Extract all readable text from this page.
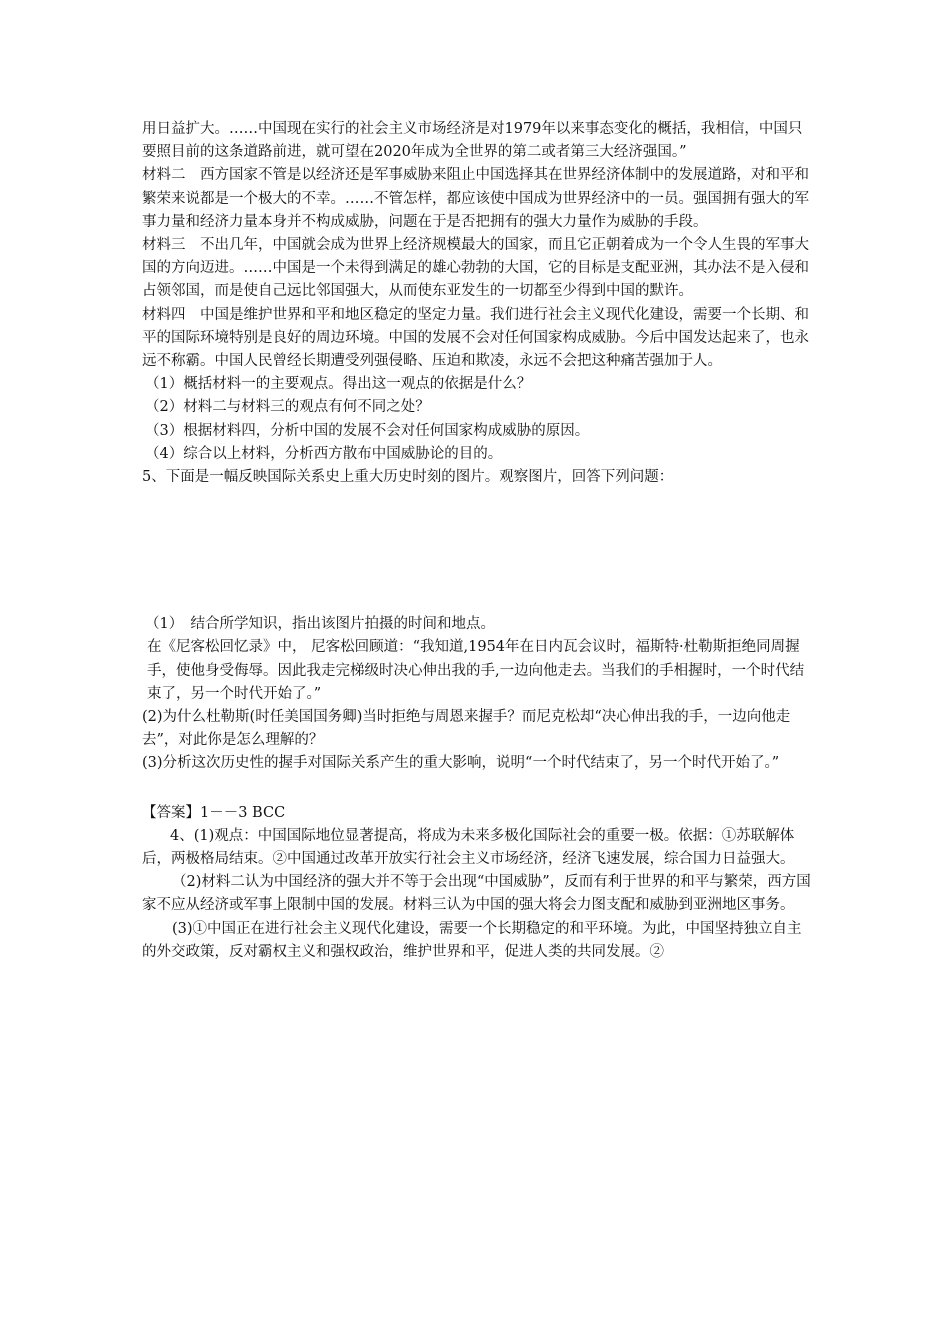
用日益扩大。……中国现在实行的社会主义市场经济是对1979年以来事态变化的概括，我相信，中国只要照目前的这条道路前进，就可望在2020年成为全世界的第二或者第三大经济强国。”

材料二　西方国家不管是以经济还是军事威胁来阻止中国选择其在世界经济体制中的发展道路，对和平和繁荣来说都是一个极大的不幸。……不管怎样，都应该使中国成为世界经济中的一员。强国拥有强大的军事力量和经济力量本身并不构成威胁，问题在于是否把拥有的强大力量作为威胁的手段。

材料三　不出几年，中国就会成为世界上经济规模最大的国家，而且它正朝着成为一个令人生畏的军事大国的方向迈进。……中国是一个未得到满足的雄心勃勃的大国，它的目标是支配亚洲，其办法不是入侵和占领邻国，而是使自己远比邻国强大，从而使东亚发生的一切都至少得到中国的默许。

材料四　中国是维护世界和平和地区稳定的坚定力量。我们进行社会主义现代化建设，需要一个长期、和平的国际环境特别是良好的周边环境。中国的发展不会对任何国家构成威胁。今后中国发达起来了，也永远不称霸。中国人民曾经长期遭受列强侵略、压迫和欺凌，永远不会把这种痛苦强加于人。

（1）概括材料一的主要观点。得出这一观点的依据是什么？

（2）材料二与材料三的观点有何不同之处？

（3）根据材料四，分析中国的发展不会对任何国家构成威胁的原因。

（4）综合以上材料，分析西方散布中国威胁论的目的。

5、下面是一幅反映国际关系史上重大历史时刻的图片。观察图片，回答下列问题：

（1）　结合所学知识，指出该图片拍摄的时间和地点。

在《尼客松回忆录》中， 尼客松回顾道：“我知道,1954年在日内瓦会议时，福斯特·杜勒斯拒绝同周握手，使他身受侮辱。因此我走完梯级时决心伸出我的手,一边向他走去。当我们的手相握时，一个时代结束了，另一个时代开始了。”

(2)为什么杜勒斯(时任美国国务卿)当时拒绝与周恩来握手？而尼克松却“决心伸出我的手，一边向他走去”，对此你是怎么理解的？

(3)分析这次历史性的握手对国际关系产生的重大影响，说明“一个时代结束了，另一个时代开始了。”

【答案】1－－3 BCC

4、(1)观点：中国国际地位显著提高，将成为未来多极化国际社会的重要一极。依据：①苏联解体后，两极格局结束。②中国通过改革开放实行社会主义市场经济，经济飞速发展，综合国力日益强大。

（2)材料二认为中国经济的强大并不等于会出现“中国威胁”，反而有利于世界的和平与繁荣，西方国家不应从经济或军事上限制中国的发展。材料三认为中国的强大将会力图支配和威胁到亚洲地区事务。

(3)①中国正在进行社会主义现代化建设，需要一个长期稳定的和平环境。为此，中国坚持独立自主的外交政策，反对霸权主义和强权政治，维护世界和平，促进人类的共同发展。②
